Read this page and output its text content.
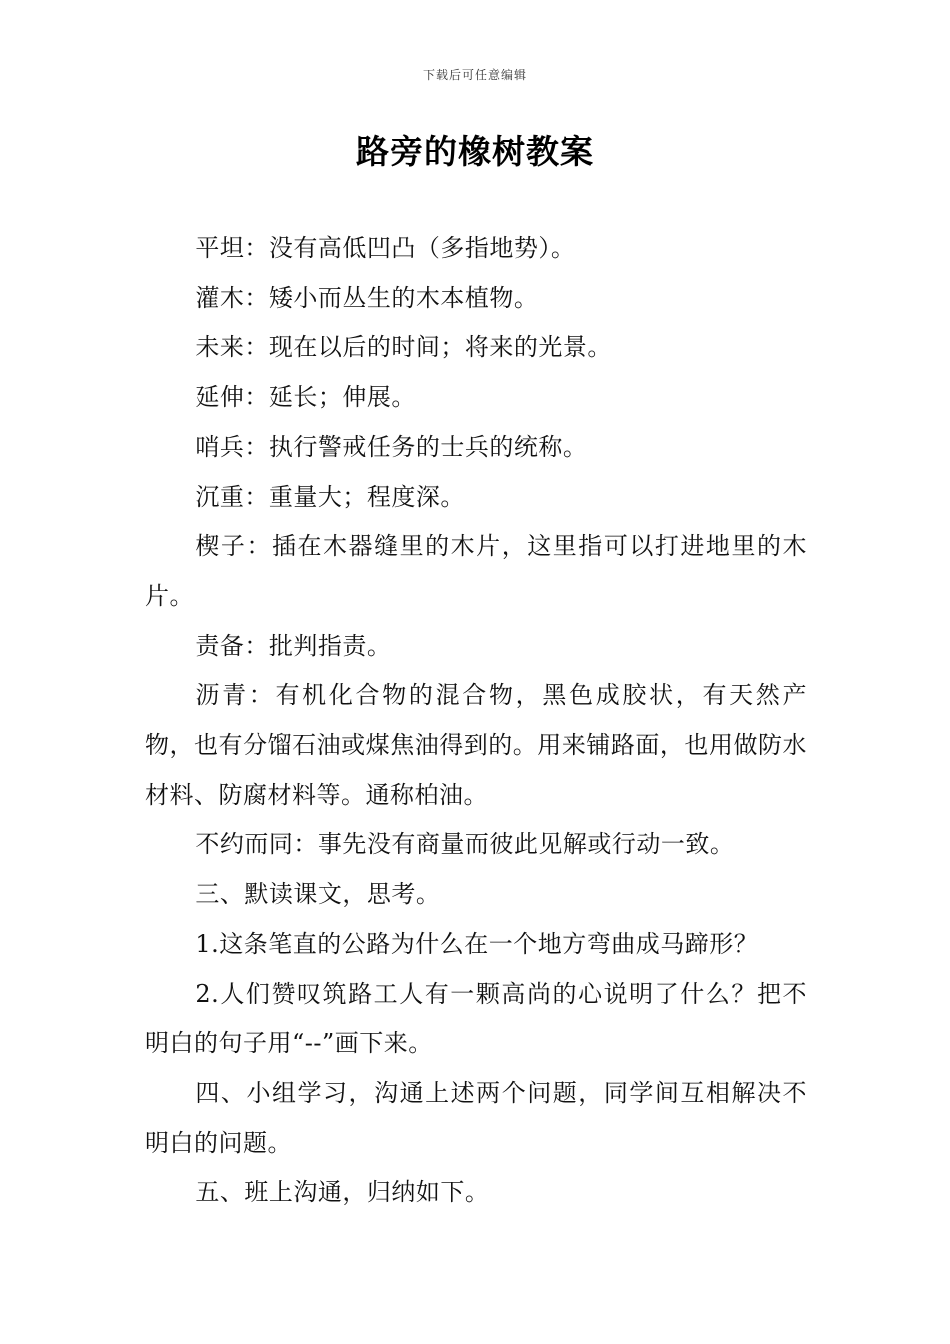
下载后可任意编辑
路旁的橡树教案

平坦：没有高低凹凸（多指地势）。

灌木：矮小而丛生的木本植物。

未来：现在以后的时间；将来的光景。

延伸：延长；伸展。

哨兵：执行警戒任务的士兵的统称。

沉重：重量大；程度深。

楔子：插在木器缝里的木片，这里指可以打进地里的木片。

责备：批判指责。

沥青：有机化合物的混合物，黑色成胶状，有天然产物，也有分馏石油或煤焦油得到的。用来铺路面，也用做防水材料、防腐材料等。通称柏油。

不约而同：事先没有商量而彼此见解或行动一致。

三、默读课文，思考。

1.这条笔直的公路为什么在一个地方弯曲成马蹄形？

2.人们赞叹筑路工人有一颗高尚的心说明了什么？把不明白的句子用“--”画下来。

四、小组学习，沟通上述两个问题，同学间互相解决不明白的问题。

五、班上沟通，归纳如下。
